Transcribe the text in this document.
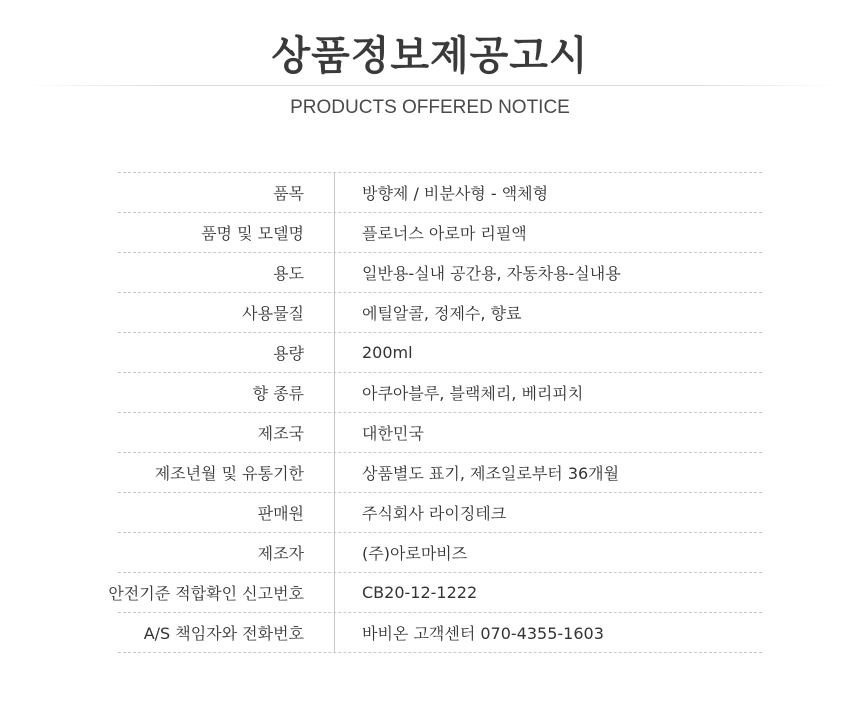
상품정보제공고시
PRODUCTS OFFERED NOTICE
품목	방향제 / 비분사형 - 액체형
품명 및 모델명	플로너스 아로마 리필액
용도	일반용-실내 공간용, 자동차용-실내용
사용물질	에틸알콜, 정제수, 향료
용량	200ml
향 종류	아쿠아블루, 블랙체리, 베리피치
제조국	대한민국
제조년월 및 유통기한	상품별도 표기, 제조일로부터 36개월
판매원	주식회사 라이징테크
제조자	(주)아로마비즈
안전기준 적합확인 신고번호	CB20-12-1222
A/S 책임자와 전화번호	바비온 고객센터 070-4355-1603
